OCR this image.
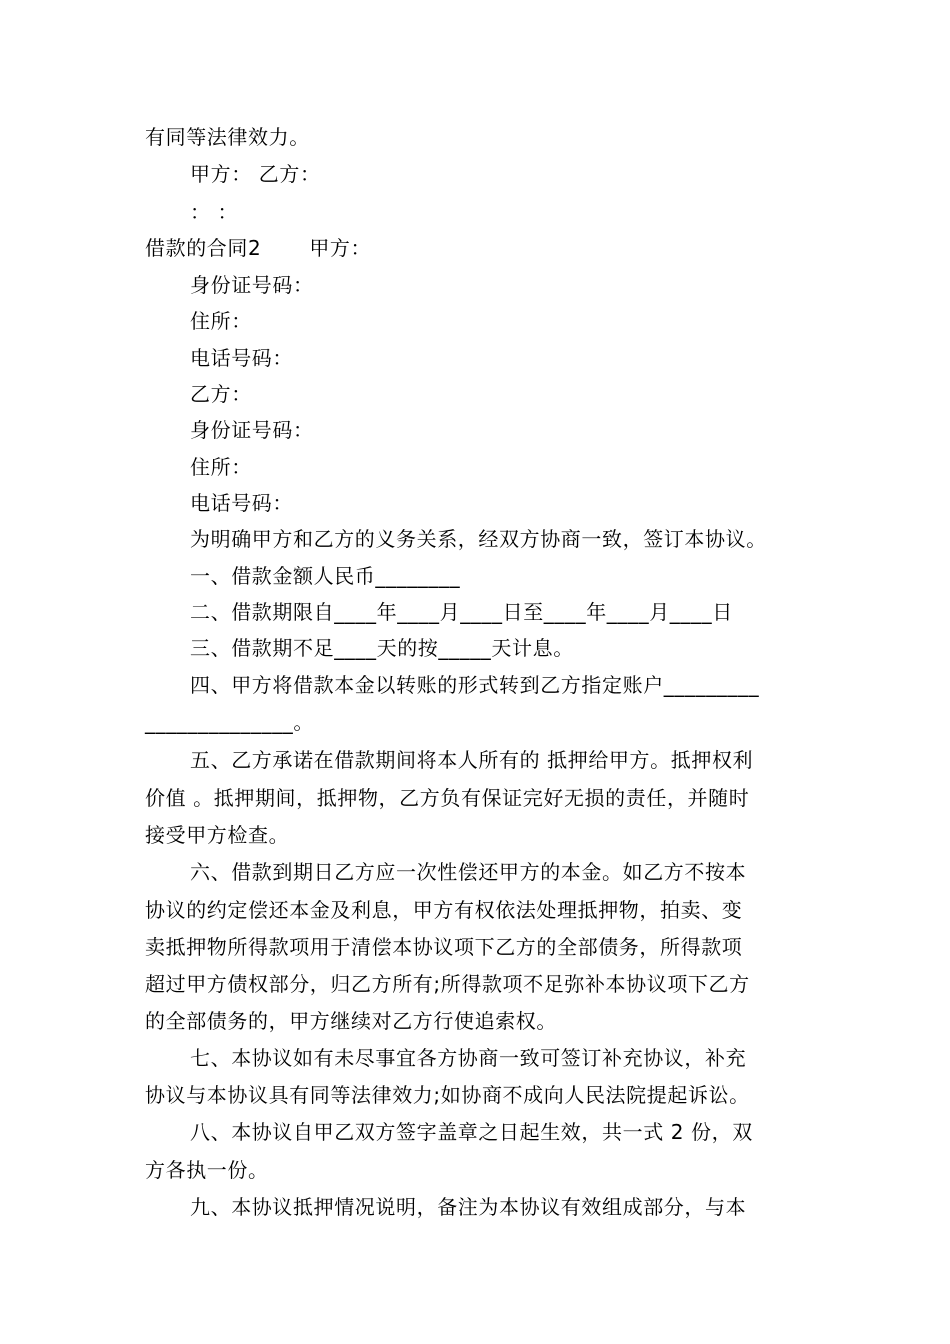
有同等法律效力。
甲方： 乙方：
： ：
借款的合同2 甲方：
身份证号码：
住所：
电话号码：
乙方：
身份证号码：
住所：
电话号码：
为明确甲方和乙方的义务关系，经双方协商一致，签订本协议。
一、借款金额人民币________
二、借款期限自____年____月____日至____年____月____日
三、借款期不足____天的按_____天计息。
四、甲方将借款本金以转账的形式转到乙方指定账户_________
______________。
五、乙方承诺在借款期间将本人所有的 抵押给甲方。抵押权利
价值 。抵押期间，抵押物，乙方负有保证完好无损的责任，并随时
接受甲方检查。
六、借款到期日乙方应一次性偿还甲方的本金。如乙方不按本
协议的约定偿还本金及利息，甲方有权依法处理抵押物，拍卖、变
卖抵押物所得款项用于清偿本协议项下乙方的全部债务，所得款项
超过甲方债权部分，归乙方所有;所得款项不足弥补本协议项下乙方
的全部债务的，甲方继续对乙方行使追索权。
七、本协议如有未尽事宜各方协商一致可签订补充协议，补充
协议与本协议具有同等法律效力;如协商不成向人民法院提起诉讼。
八、本协议自甲乙双方签字盖章之日起生效，共一式 2 份，双
方各执一份。
九、本协议抵押情况说明，备注为本协议有效组成部分，与本
